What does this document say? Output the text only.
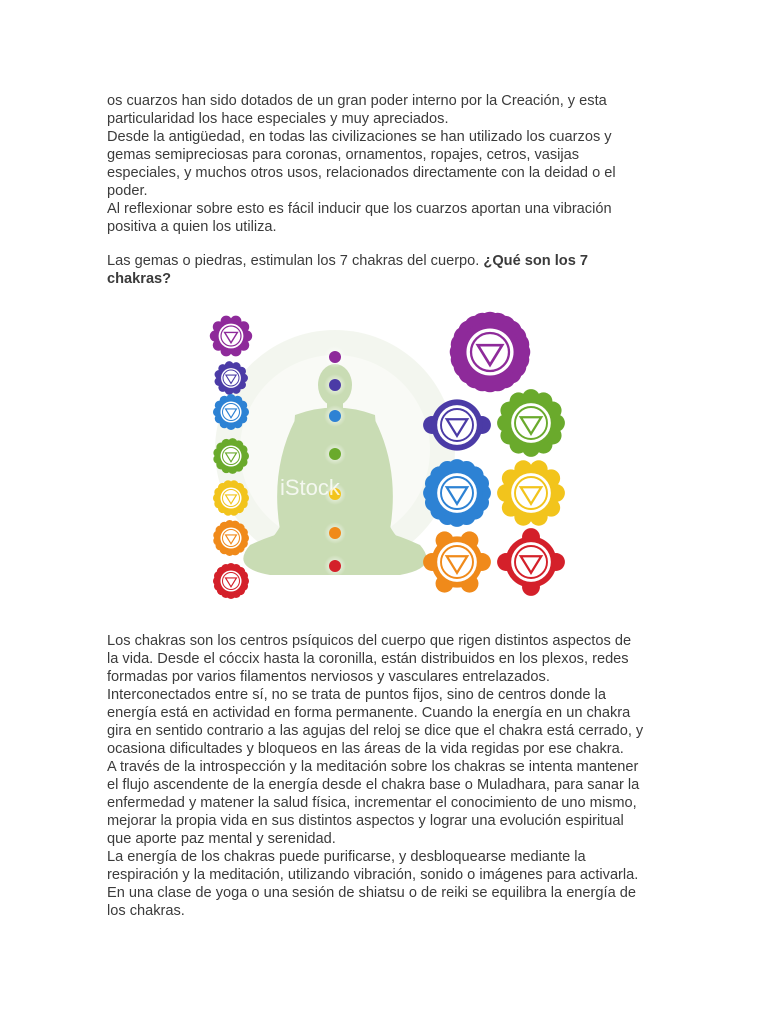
os cuarzos han sido dotados de un gran poder interno por la Creación, y esta
particularidad los hace especiales y muy apreciados.

Desde la antigüedad, en todas las civilizaciones se han utilizado los cuarzos y
gemas semipreciosas para coronas, ornamentos, ropajes, cetros, vasijas
especiales, y muchos otros usos, relacionados directamente con la deidad o el
poder.

Al reflexionar sobre esto es fácil inducir que los cuarzos aportan una vibración
positiva a quien los utiliza.

Las gemas o piedras, estimulan los 7 chakras del cuerpo. ¿Qué son los 7
chakras?

iStock

Los chakras son los centros psíquicos del cuerpo que rigen distintos aspectos de
la vida. Desde el cóccix hasta la coronilla, están distribuidos en los plexos, redes
formadas por varios filamentos nerviosos y vasculares entrelazados.

Interconectados entre sí, no se trata de puntos fijos, sino de centros donde la
energía está en actividad en forma permanente. Cuando la energía en un chakra
gira en sentido contrario a las agujas del reloj se dice que el chakra está cerrado, y
ocasiona dificultades y bloqueos en las áreas de la vida regidas por ese chakra.

A través de la introspección y la meditación sobre los chakras se intenta mantener
el flujo ascendente de la energía desde el chakra base o Muladhara, para sanar la
enfermedad y matener la salud física, incrementar el conocimiento de uno mismo,
mejorar la propia vida en sus distintos aspectos y lograr una evolución espiritual
que aporte paz mental y serenidad.

La energía de los chakras puede purificarse, y desbloquearse mediante la
respiración y la meditación, utilizando vibración, sonido o imágenes para activarla.

En una clase de yoga o una sesión de shiatsu o de reiki se equilibra la energía de
los chakras.
